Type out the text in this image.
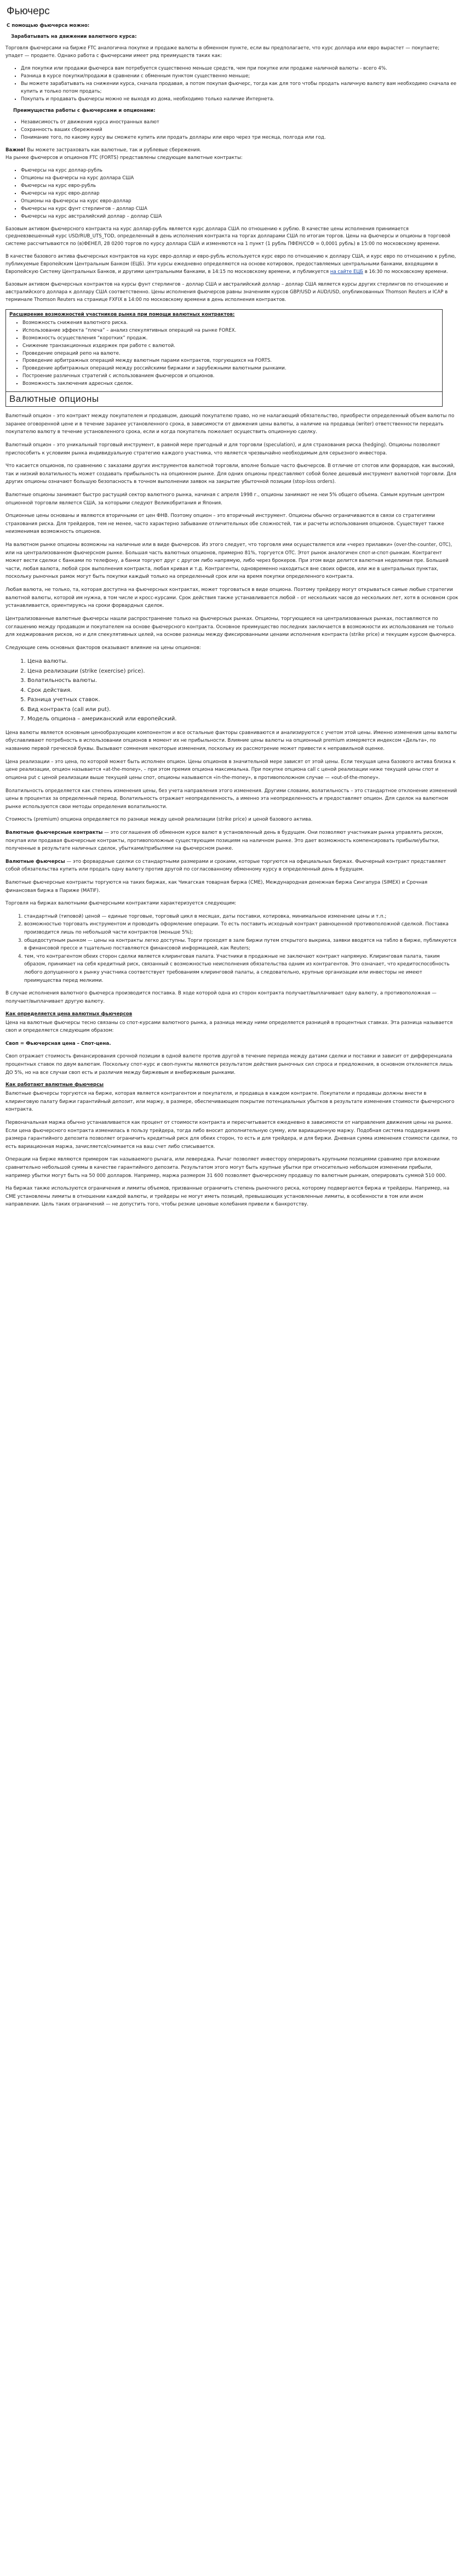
Фьючерс
С помощью фьючерса можно:
Зарабатывать на движении валютного курса:

Торговля фьючерсами на бирже FTC аналогична покупке и продаже валюты в обменном пункте, если вы предполагаете, что курс доллара или евро вырастет — покупаете; упадет — продаете. Однако работа с фьючерсами имеет ряд преимуществ таких как:

▪ Для покупки или продажи фьючерса вам потребуется существенно меньше средств, чем при покупке или продаже наличной валюты - всего 4%.
▪ Разница в курсе покупки/продажи в сравнении с обменным пунктом существенно меньше;
▪ Вы можете зарабатывать на снижении курса, сначала продавая, а потом покупая фьючерс, тогда как для того чтобы продать наличную валюту вам необходимо сначала ее купить и только потом продать;
▪ Покупать и продавать фьючерсы можно не выходя из дома, необходимо только наличие Интернета.
Преимущества работы с фьючерсами и опционами:
▪ Независимость от движения курса иностранных валют
▪ Сохранность ваших сбережений
▪ Понимание того, по какому курсу вы сможете купить или продать доллары или евро через три месяца, полгода или год.

Важно! Вы можете застраховать как валютные, так и рублевые сбережения.
На рынке фьючерсов и опционов FTC (FORTS) представлены следующие валютные контракты:

▪ Фьючерсы на курс доллар-рубль
▪ Опционы на фьючерсы на курс доллара США
▪ Фьючерсы на курс евро-рубль
▪ Фьючерсы на курс евро-доллар
▪ Опционы на фьючерсы на курс евро-доллар
▪ Фьючерсы на курс фунт стерлингов – доллар США
▪ Фьючерсы на курс австралийский доллар – доллар США

Базовым активом фьючерсного контракта на курс доллар-рубль является курс доллара США по отношению к рублю. В качестве цены исполнения принимается средневзвешенный курс USD/RUB_UTS_TOD, определенный в день исполнения контракта на торгах долларами США по итогам торгов. Цены на фьючерсы и опционы в торговой системе рассчитываются по (в)ФЕНЕЛ, 28 0200 торгов по курсу доллара США и изменяются на 1 пункт (1 рубль ПФЕН/ССФ = 0,0001 рубль) в 15:00 по московскому времени.

В качестве базового актива фьючерсных контрактов на курс евро-доллар и евро-рубль используется курс евро по отношению к доллару США, и курс евро по отношению к рублю, публикуемые Европейским Центральным Банком (ЕЦБ). Эти курсы ежедневно определяются на основе котировок, предоставляемых центральными банками, входящими в Европейскую Систему Центральных Банков, и другими центральными банками, в 14:15 по московскому времени, и публикуется на сайте ЕЦБ в 16:30 по московскому времени.

Базовым активом фьючерсных контрактов на курсы фунт стерлингов – доллар США и австралийский доллар – доллар США является курсы других стерлингов по отношению и австралийского доллара к доллару США соответственно. Цены исполнения фьючерсов равны значениям курсов GBP/USD и AUD/USD, опубликованных Thomson Reuters и ICAP в терминале Thomson Reuters на странице FXFIX в 14:00 по московскому времени в день исполнения контрактов.

Расширение возможностей участников рынка при помощи валютных контрактов:
▪ Возможность снижения валютного риска.
▪ Использование эффекта “плеча” – анализ спекулятивных операций на рынке FOREX.
▪ Возможность осуществления “коротких” продаж.
▪ Снижение транзакционных издержек при работе с валютой.
▪ Проведение операций репо на валюте.
▪ Проведение арбитражных операций между валютным парами контрактов, торгующихся на FORTS.
▪ Проведение арбитражных операций между российскими биржами и зарубежными валютными рынками.
▪ Построение различных стратегий с использованием фьючерсов и опционов.
▪ Возможность заключения адресных сделок.
Валютные опционы

Валютный опцион – это контракт между покупателем и продавцом, дающий покупателю право, но не налагающий обязательство, приобрести определенный объем валюты по заранее оговоренной цене и в течение заранее установленного срока, в зависимости от движения цены валюты, а наличие на продавца (writer) ответственности передать покупателю валюту в течение установленного срока, если и когда покупатель пожелает осуществить опционную сделку.

Валютный опцион – это уникальный торговый инструмент, в равной мере пригодный и для торговли (speculation), и для страхования риска (hedging). Опционы позволяют приспособить к условиям рынка индивидуальную стратегию каждого участника, что является чрезвычайно необходимым для серьезного инвестора.

Что касается опционов, по сравнению с заказами других инструментов валютной торговли, вполне больше часто фьючерсов. В отличие от спотов или форвардов, как высокий, так и низкий волатильность может создавать прибыльность на опционном рынке. Для одних опционы представляют собой более дешевый инструмент валютной торговли. Для других опционы означают большую безопасность в точном выполнении заявок на закрытие убыточной позиции (stop-loss orders).

Валютные опционы занимают быстро растущий сектор валютного рынка, начиная с апреля 1998 г., опционы занимают не неи 5% общего объема. Самым крупным центром опционной торговли является США, за которыми следуют Великобритания и Япония.

Опционные цены основаны и являются вторичными от цен ФНВ. Поэтому опцион – это вторичный инструмент. Опционы обычно ограничиваются в связи со стратегиями страхования риска. Для трейдеров, тем не менее, часто характерно забывание отличительных обе сложностей, так и расчеты использования опционов. Существует также неизменимая возможность опционов.

На валютном рынке опционы возможны на наличные или в виде фьючерсов. Из этого следует, что торговля ими осуществляется или «через прилавки» (over-the-counter, OTC), или на централизованном фьючерсном рынке. Большая часть валютных опционов, примерно 81%, торгуется OTC. Этот рынок аналогичен спот-и-спот-рынкам. Контрагент может вести сделки с банками по телефону, а банки торгуют друг с другом либо напрямую, либо через брокеров. При этом виде делится валютная неделимая пре. Большей части, любая валюта, любой срок выполнения контракта, любая кривая и т.д. Контрагенты, одновременно находиться вне своих офисов, или же в центральных пунктах, поскольку рыночных рамок могут быть покупки каждый только на определенный срок или на время покупки определенного контракта.

Любая валюта, не только, та, которая доступна на фьючерсных контрактах, может торговаться в виде опциона. Поэтому трейдеру могут открываться самые любые стратегии валютной валюты, которой им нужна, в том числе и кросс-курсами. Срок действия также устанавливается любой – от нескольких часов до нескольких лет, хотя в основном срок устанавливается, ориентируясь на сроки форвардных сделок.

Централизованные валютные фьючерсы нашли распространение только на фьючерсных рынках. Опционы, торгующиеся на централизованных рынках, поставляются по соглашению между продавцом и покупателем на основе фьючерсного контракта. Основное преимущество последних заключается в возможности их использования не только для хеджирования рисков, но и для спекулятивных целей, на основе разницы между фиксированными ценами исполнения контракта (strike price) и текущим курсом фьючерса.

Следующие семь основных факторов оказывают влияние на цены опционов:

1. Цена валюты.
2. Цена реализации (strike (exercise) price).
3. Волатильность валюты.
4. Срок действия.
5. Разница учетных ставок.
6. Вид контракта (call или put).
7. Модель опциона – американский или европейский.

Цена валюты является основным ценообразующим компонентом и все остальные факторы сравниваются и анализируются с учетом этой цены. Именно изменения цены валюты обуславливают потребность в использовании опционов в момент их не прибыльности. Влияние цены валюты на опционный premium измеряется индексом «Дельта», по названию первой греческой буквы. Вызывают сомнения некоторые изменения, поскольку их рассмотрение может привести к неправильной оценке.

Цена реализации – это цена, по которой может быть исполнен опцион. Цены опционов в значительной мере зависят от этой цены. Если текущая цена базового актива близка к цене реализации, опцион называется «at-the-money», – при этом премия опциона максимальна. При покупке опциона call с ценой реализации ниже текущей цены спот и опциона put с ценой реализации выше текущей цены спот, опционы называются «in-the-money», в противоположном случае — «out-of-the-money».

Волатильность определяется как степень изменения цены, без учета направления этого изменения. Другими словами, волатильность – это стандартное отклонение изменений цены в процентах за определенный период. Волатильность отражает неопределенность, а именно эта неопределенность и предоставляет опцион. Для сделок на валютном рынке используются свои методы определения волатильности.

Стоимость (premium) опциона определяется по разнице между ценой реализации (strike price) и ценой базового актива.

Валютные фьючерсные контракты — это соглашения об обменном курсе валют в установленный день в будущем. Они позволяют участникам рынка управлять риском, покупая или продавая фьючерсные контракты, противоположные существующим позициям на наличном рынке. Это дает возможность компенсировать прибыли/убытки, полученные в результате наличных сделок, убытками/прибылями на фьючерсном рынке.

Валютные фьючерсы — это форвардные сделки со стандартными размерами и сроками, которые торгуются на официальных биржах. Фьючерный контракт представляет собой обязательства купить или продать одну валюту против другой по согласованному обменному курсу в определенный день в будущем.

Валютные фьючерсные контракты торгуются на таких биржах, как Чикагская товарная биржа (CME), Международная денежная биржа Сингапура (SIMEX) и Срочная финансовая биржа в Париже (MATIF).

Торговля на биржах валютными фьючерсными контрактами характеризуется следующим:

1. стандартный (типовой) ценой — единые торговые, торговый цикл в месяцах, даты поставки, котировка, минимальное изменение цены и т.п.;
2. возможностью торговать инструментом и проводить оформление операции. То есть поставить исходный контракт равноценной противоположной сделкой. Поставка производится лишь по небольшой части контрактов (меньше 5%);
3. общедоступным рынком — цены на контракты легко доступны. Торги проходят в зале биржи путем открытого выкрика, заявки вводятся на табло в бирже, публикуются в финансовой прессе и тщательно поставляются финансовой информацией, как Reuters;
4. тем, что контрагентом обеих сторон сделки является клиринговая палата. Участники в продажные не заключают контракт напрямую. Клиринговая палата, таким образом, принимает на себя кредитный риск, связанный с возможностью неисполнения обязательства одним из контрагентов. Это означает, что кредитоспособность любого допущенного к рынку участника соответствует требованиям клиринговой палаты, а следовательно, крупные организации или инвесторы не имеют преимущества перед мелкими.

В случае исполнения валютного фьючерса производится поставка. В ходе которой одна из сторон контракта получает/выплачивает одну валюту, а противоположная — получает/выплачивает другую валюту.

Как определяется цена валютных фьючерсов

Цена на валютные фьючерсы тесно связаны со спот-курсами валютного рынка, а разница между ними определяется разницей в процентных ставках. Эта разница называется своп и определяется следующим образом:

Своп = Фьючерсная цена – Спот-цена.

Своп отражает стоимость финансирования срочной позиции в одной валюте против другой в течение периода между датами сделки и поставки и зависит от дифференциала процентных ставок по двум валютам. Поскольку спот-курс и своп-пункты являются результатом действия рыночных сил спроса и предложения, в основном отклоняется лишь ДО 5%, но на все случаи своп есть и различия между биржевым и внебиржевым рынками.

Как работают валютные фьючерсы

Валютные фьючерсы торгуются на бирже, которая является контрагентом и покупателя, и продавца в каждом контракте. Покупатели и продавцы должны внести в клиринговую палату биржи гарантийный депозит, или маржу, в размере, обеспечивающем покрытие потенциальных убытков в результате изменения стоимости фьючерсного контракта.

Первоначальная маржа обычно устанавливается как процент от стоимости контракта и пересчитывается ежедневно в зависимости от направления движения цены на рынке. Если цена фьючерсного контракта изменилась в пользу трейдера, тогда либо вносит дополнительную сумму, или вариационную маржу. Подобная система поддержания размера гарантийного депозита позволяет ограничить кредитный риск для обеих сторон, то есть и для трейдера, и для биржи. Дневная сумма изменения стоимости сделки, то есть вариационная маржа, зачисляется/снимается на ваш счет либо списывается.

Операции на бирже являются примером так называемого рычага, или левереджа. Рычаг позволяет инвестору оперировать крупными позициями сравнимо при вложении сравнительно небольшой суммы в качестве гарантийного депозита. Результатом этого могут быть крупные убытки при относительно небольшом изменении прибыли, например убытки могут быть на 50 000 долларов. Например, маржа размером 31 600 позволяет фьючерсному продавцу по валютным рынкам, оперировать суммой 510 000.

На биржах также используются ограничения и лимиты объемов, призванные ограничить степень рыночного риска, которому подвергаются биржа и трейдеры. Например, на СМЕ установлены лимиты в отношении каждой валюты, и трейдеры не могут иметь позиций, превышающих установленные лимиты, в особенности в том или ином направлении. Цель таких ограничений — не допустить того, чтобы резкие ценовые колебания привели к банкротству.
